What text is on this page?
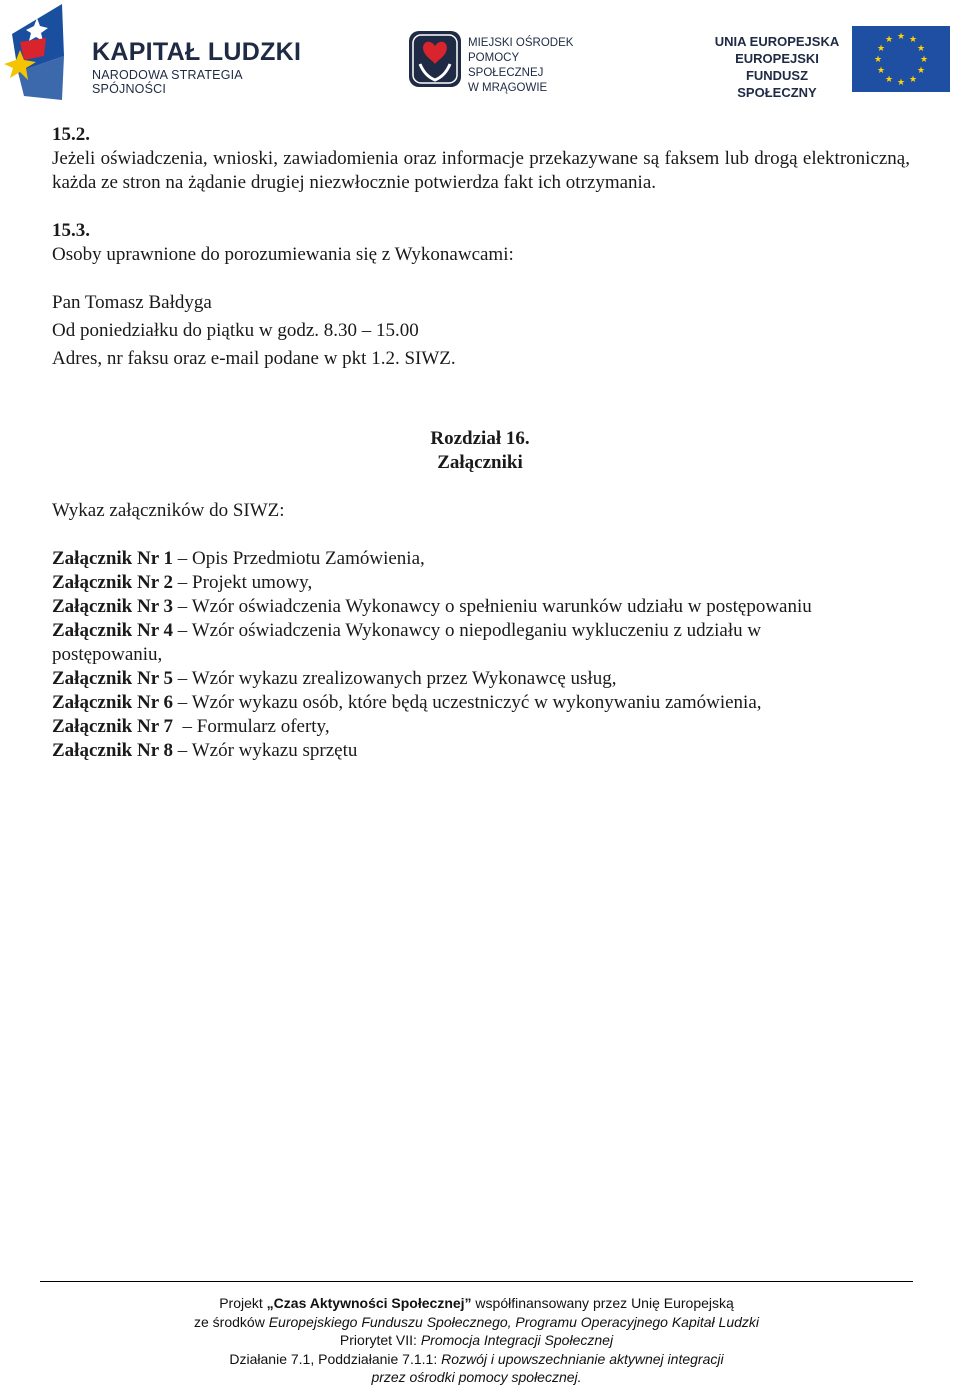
KAPITAŁ LUDZKI
NARODOWA STRATEGIA SPÓJNOŚCI
MIEJSKI OŚRODEK
POMOCY SPOŁECZNEJ
W MRĄGOWIE
UNIA EUROPEJSKA
EUROPEJSKI
FUNDUSZ SPOŁECZNY
★ ★
★
★
★
★
★
★
★
★
★
★
15.2.
Jeżeli oświadczenia, wnioski, zawiadomienia oraz informacje przekazywane są faksem lub drogą elektroniczną, każda ze stron na żądanie drugiej niezwłocznie potwierdza fakt ich otrzymania.
15.3.
Osoby uprawnione do porozumiewania się z Wykonawcami:
Pan Tomasz Bałdyga
Od poniedziałku do piątku w godz. 8.30 – 15.00
Adres, nr faksu oraz e-mail podane w pkt 1.2. SIWZ.
Rozdział 16.
Załączniki
Wykaz załączników do SIWZ:
Załącznik Nr 1 – Opis Przedmiotu Zamówienia,
Załącznik Nr 2 – Projekt umowy,
Załącznik Nr 3 – Wzór oświadczenia Wykonawcy o spełnieniu warunków udziału w postępowaniu
Załącznik Nr 4 – Wzór oświadczenia Wykonawcy o niepodleganiu wykluczeniu z udziału w
postępowaniu,
Załącznik Nr 5 – Wzór wykazu zrealizowanych przez Wykonawcę usług,
Załącznik Nr 6 – Wzór wykazu osób, które będą uczestniczyć w wykonywaniu zamówienia,
Załącznik Nr 7  – Formularz oferty,
Załącznik Nr 8 – Wzór wykazu sprzętu
Projekt „Czas Aktywności Społecznej” współfinansowany przez Unię Europejską
ze środków Europejskiego Funduszu Społecznego, Programu Operacyjnego Kapitał Ludzki
Priorytet VII: Promocja Integracji Społecznej
Działanie 7.1, Poddziałanie 7.1.1: Rozwój i upowszechnianie aktywnej integracji
przez ośrodki pomocy społecznej.
